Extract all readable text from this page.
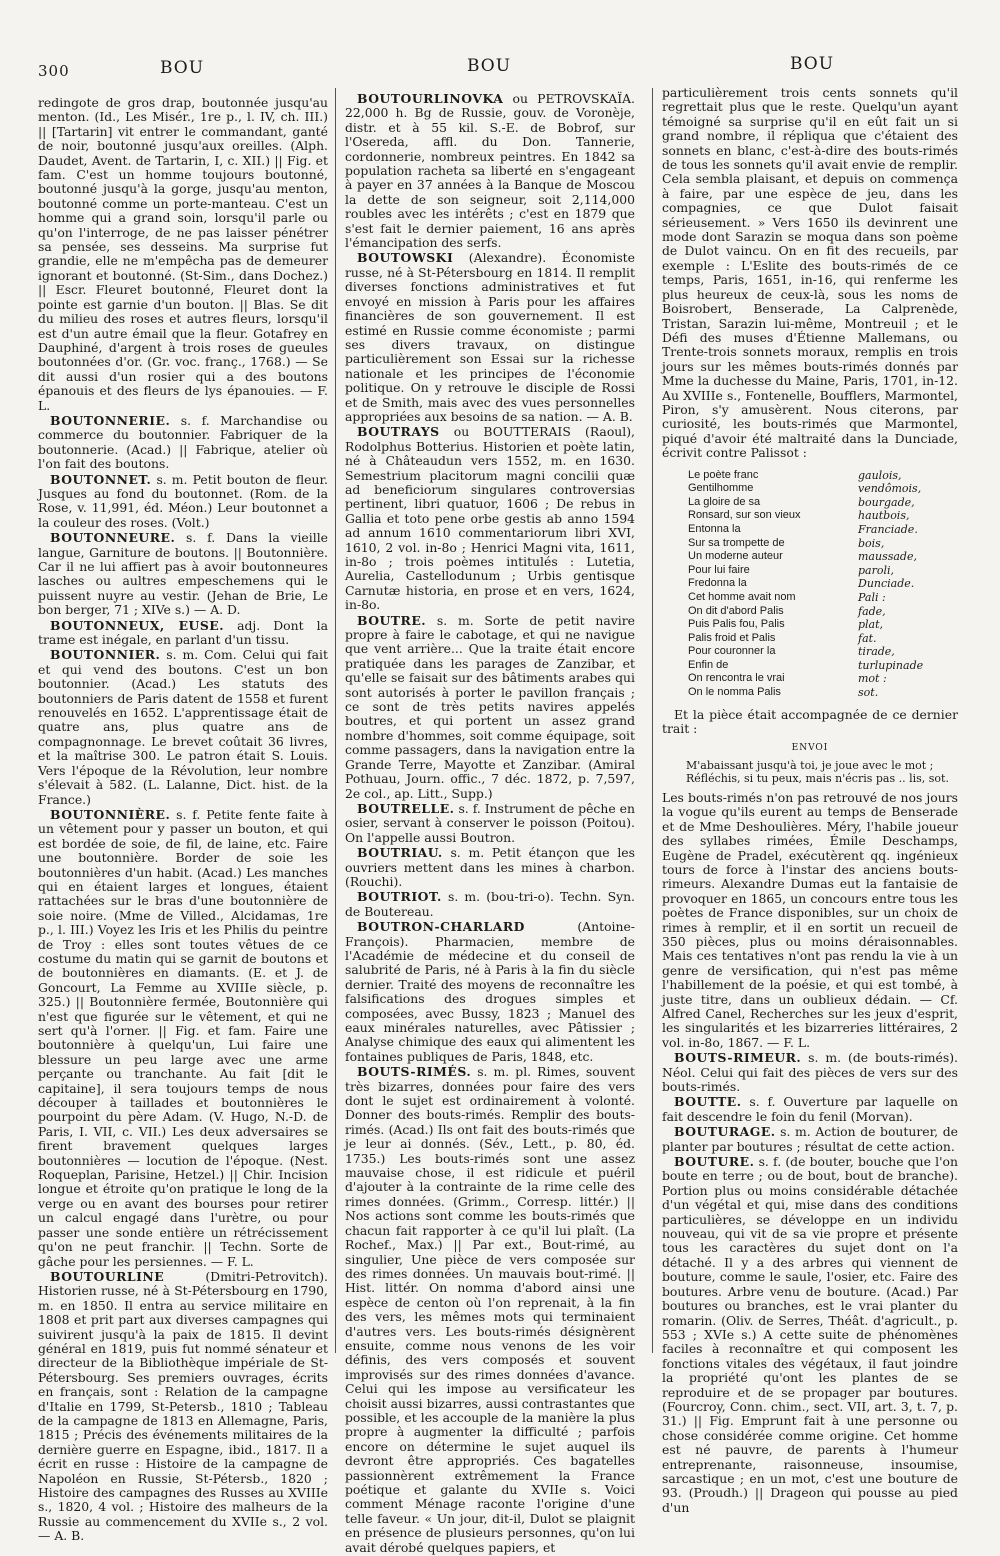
300	BOU	BOU	BOU

redingote de gros drap, boutonnée jusqu'au menton. (Id., Les Misér., 1re p., l. IV, ch. III.) || [Tartarin] vit entrer le commandant, ganté de noir, boutonné jusqu'aux oreilles. (Alph. Daudet, Avent. de Tartarin, I, c. XII.) || Fig. et fam. C'est un homme toujours boutonné, boutonné jusqu'à la gorge, jusqu'au menton, boutonné comme un porte-manteau. C'est un homme qui a grand soin, lorsqu'il parle ou qu'on l'interroge, de ne pas laisser pénétrer sa pensée, ses desseins. Ma surprise fut grandie, elle ne m'empêcha pas de demeurer ignorant et boutonné. (St-Sim., dans Dochez.) || Escr. Fleuret boutonné, Fleuret dont la pointe est garnie d'un bouton. || Blas. Se dit du milieu des roses et autres fleurs, lorsqu'il est d'un autre émail que la fleur. Gotafrey en Dauphiné, d'argent à trois roses de gueules boutonnées d'or. (Gr. voc. franç., 1768.) — Se dit aussi d'un rosier qui a des boutons épanouis et des fleurs de lys épanouies. — F. L.

BOUTONNERIE. s. f. Marchandise ou commerce du boutonnier. Fabriquer de la boutonnerie. (Acad.) || Fabrique, atelier où l'on fait des boutons.

BOUTONNET. s. m. Petit bouton de fleur. Jusques au fond du boutonnet. (Rom. de la Rose, v. 11,991, éd. Méon.) Leur boutonnet a la couleur des roses. (Volt.)

BOUTONNEURE. s. f. Dans la vieille langue, Garniture de boutons. || Boutonnière. Car il ne lui affiert pas à avoir boutonneures lasches ou aultres empeschemens qui le puissent nuyre au vestir. (Jehan de Brie, Le bon berger, 71 ; XIVe s.) — A. D.

BOUTONNEUX, EUSE. adj. Dont la trame est inégale, en parlant d'un tissu.

BOUTONNIER. s. m. Com. Celui qui fait et qui vend des boutons. C'est un bon boutonnier. (Acad.) Les statuts des boutonniers de Paris datent de 1558 et furent renouvelés en 1652. L'apprentissage était de quatre ans, plus quatre ans de compagnonnage. Le brevet coûtait 36 livres, et la maîtrise 300. Le patron était S. Louis. Vers l'époque de la Révolution, leur nombre s'élevait à 582. (L. Lalanne, Dict. hist. de la France.)

BOUTONNIÈRE. s. f. Petite fente faite à un vêtement pour y passer un bouton, et qui est bordée de soie, de fil, de laine, etc. Faire une boutonnière. Border de soie les boutonnières d'un habit. (Acad.) Les manches qui en étaient larges et longues, étaient rattachées sur le bras d'une boutonnière de soie noire. (Mme de Villed., Alcidamas, 1re p., l. III.) Voyez les Iris et les Philis du peintre de Troy : elles sont toutes vêtues de ce costume du matin qui se garnit de boutons et de boutonnières en diamants. (E. et J. de Goncourt, La Femme au XVIIIe siècle, p. 325.) || Boutonnière fermée, Boutonnière qui n'est que figurée sur le vêtement, et qui ne sert qu'à l'orner. || Fig. et fam. Faire une boutonnière à quelqu'un, Lui faire une blessure un peu large avec une arme perçante ou tranchante. Au fait [dit le capitaine], il sera toujours temps de nous découper à taillades et boutonnières le pourpoint du père Adam. (V. Hugo, N.-D. de Paris, I. VII, c. VII.) Les deux adversaires se firent bravement quelques larges boutonnières — locution de l'époque. (Nest. Roqueplan, Parisine, Hetzel.) || Chir. Incision longue et étroite qu'on pratique le long de la verge ou en avant des bourses pour retirer un calcul engagé dans l'urètre, ou pour passer une sonde entière un rétrécissement qu'on ne peut franchir. || Techn. Sorte de gâche pour les persiennes. — F. L.

BOUTOURLINE	(Dmitri-Petrovitch). Historien russe, né à St-Pétersbourg en 1790, m. en 1850. Il entra au service militaire en 1808 et prit part aux diverses campagnes qui suivirent jusqu'à la paix de 1815. Il devint général en 1819, puis fut nommé sénateur et directeur de la Bibliothèque impériale de St-Pétersbourg. Ses premiers ouvrages, écrits en français, sont : Relation de la campagne d'Italie en 1799, St-Petersb., 1810 ; Tableau de la campagne de 1813 en Allemagne, Paris, 1815 ; Précis des événements militaires de la dernière guerre en Espagne, ibid., 1817. Il a écrit en russe : Histoire de la campagne de Napoléon en Russie, St-Pétersb., 1820 ; Histoire des campagnes des Russes au XVIIIe s., 1820, 4 vol. ; Histoire des malheurs de la Russie au commencement du XVIIe s., 2 vol. — A. B.

BOUTOURLINOVKA ou PETROVSKAÏA. 22,000 h. Bg de Russie, gouv. de Voronèje, distr. et à 55 kil. S.-E. de Bobrof, sur l'Osereda, affl. du Don. Tannerie, cordonnerie, nombreux peintres. En 1842 sa population racheta sa liberté en s'engageant à payer en 37 années à la Banque de Moscou la dette de son seigneur, soit 2,114,000 roubles avec les intérêts ; c'est en 1879 que s'est fait le dernier paiement, 16 ans après l'émancipation des serfs.

BOUTOWSKI (Alexandre). Économiste russe, né à St-Pétersbourg en 1814. Il remplit diverses fonctions administratives et fut envoyé en mission à Paris pour les affaires financières de son gouvernement. Il est estimé en Russie comme économiste ; parmi ses divers travaux, on distingue particulièrement son Essai sur la richesse nationale et les principes de l'économie politique. On y retrouve le disciple de Rossi et de Smith, mais avec des vues personnelles appropriées aux besoins de sa nation. — A. B.

BOUTRAYS ou BOUTTERAIS (Raoul), Rodolphus Botterius. Historien et poète latin, né à Châteaudun vers 1552, m. en 1630. Semestrium placitorum magni concilii quæ ad beneficiorum singulares controversias pertinent, libri quatuor, 1606 ; De rebus in Gallia et toto pene orbe gestis ab anno 1594 ad annum 1610 commentariorum libri XVI, 1610, 2 vol. in-8o ; Henrici Magni vita, 1611, in-8o ; trois poèmes intitulés : Lutetia, Aurelia, Castellodunum ; Urbis gentisque Carnutæ historia, en prose et en vers, 1624, in-8o.

BOUTRE. s. m. Sorte de petit navire propre à faire le cabotage, et qui ne navigue que vent arrière... Que la traite était encore pratiquée dans les parages de Zanzibar, et qu'elle se faisait sur des bâtiments arabes qui sont autorisés à porter le pavillon français ; ce sont de très petits navires appelés boutres, et qui portent un assez grand nombre d'hommes, soit comme équipage, soit comme passagers, dans la navigation entre la Grande Terre, Mayotte et Zanzibar. (Amiral Pothuau, Journ. offic., 7 déc. 1872, p. 7,597, 2e col., ap. Litt., Supp.)

BOUTRELLE. s. f. Instrument de pêche en osier, servant à conserver le poisson (Poitou). On l'appelle aussi Boutron.

BOUTRIAU. s. m. Petit étançon que les ouvriers mettent dans les mines à charbon. (Rouchi).

BOUTRIOT. s. m. (bou-tri-o). Techn. Syn. de Boutereau.

BOUTRON-CHARLARD	(Antoine-François). Pharmacien, membre de l'Académie de médecine et du conseil de salubrité de Paris, né à Paris à la fin du siècle dernier. Traité des moyens de reconnaître les falsifications des drogues simples et composées, avec Bussy, 1823 ; Manuel des eaux minérales naturelles, avec Pâtissier ; Analyse chimique des eaux qui alimentent les fontaines publiques de Paris, 1848, etc.

BOUTS-RIMÉS. s. m. pl. Rimes, souvent très bizarres, données pour faire des vers dont le sujet est ordinairement à volonté. Donner des bouts-rimés. Remplir des bouts-rimés. (Acad.) Ils ont fait des bouts-rimés que je leur ai donnés. (Sév., Lett., p. 80, éd. 1735.) Les bouts-rimés sont une assez mauvaise chose, il est ridicule et puéril d'ajouter à la contrainte de la rime celle des rimes données. (Grimm., Corresp. littér.) || Nos actions sont comme les bouts-rimés que chacun fait rapporter à ce qu'il lui plaît. (La Rochef., Max.) || Par ext., Bout-rimé, au singulier, Une pièce de vers composée sur des rimes données. Un mauvais bout-rimé. || Hist. littér. On nomma d'abord ainsi une espèce de centon où l'on reprenait, à la fin des vers, les mêmes mots qui terminaient d'autres vers. Les bouts-rimés désignèrent ensuite, comme nous venons de les voir définis, des vers composés et souvent improvisés sur des rimes données d'avance. Celui qui les impose au versificateur les choisit aussi bizarres, aussi contrastantes que possible, et les accouple de la manière la plus propre à augmenter la difficulté ; parfois encore on détermine le sujet auquel ils devront être appropriés. Ces bagatelles passionnèrent extrêmement la France poétique et galante du XVIIe s. Voici comment Ménage raconte l'origine d'une telle faveur. « Un jour, dit-il, Dulot se plaignit en présence de plusieurs personnes, qu'on lui avait dérobé quelques papiers, et

particulièrement trois cents sonnets qu'il regrettait plus que le reste. Quelqu'un ayant témoigné sa surprise qu'il en eût fait un si grand nombre, il répliqua que c'étaient des sonnets en blanc, c'est-à-dire des bouts-rimés de tous les sonnets qu'il avait envie de remplir. Cela sembla plaisant, et depuis on commença à faire, par une espèce de jeu, dans les compagnies, ce que Dulot faisait sérieusement. » Vers 1650 ils devinrent une mode dont Sarazin se moqua dans son poème de Dulot vaincu. On en fit des recueils, par exemple : L'Eslite des bouts-rimés de ce temps, Paris, 1651, in-16, qui renferme les plus heureux de ceux-là, sous les noms de Boisrobert, Benserade, La Calprenède, Tristan, Sarazin lui-même, Montreuil ; et le Défi des muses d'Étienne Mallemans, ou Trente-trois sonnets moraux, remplis en trois jours sur les mêmes bouts-rimés donnés par Mme la duchesse du Maine, Paris, 1701, in-12. Au XVIIIe s., Fontenelle, Boufflers, Marmontel, Piron, s'y amusèrent. Nous citerons, par curiosité, les bouts-rimés que Marmontel, piqué d'avoir été maltraité dans la Dunciade, écrivit contre Palissot :

Le poète franc	gaulois,
Gentilhomme	vendômois,
La gloire de sa	bourgade,
Ronsard, sur son vieux	hautbois,
Entonna la	Franciade.
Sur sa trompette de	bois,
Un moderne auteur	maussade,
Pour lui faire	paroli,
Fredonna la	Dunciade.
Cet homme avait nom	Pali :
On dit d'abord Palis	fade,
Puis Palis fou, Palis	plat,
Palis froid et Palis	fat.
Pour couronner la	tirade,
Enfin de	turlupinade
On rencontra le vrai	mot :
On le nomma Palis	sot.

Et la pièce était accompagnée de ce dernier trait :

ENVOI
M'abaissant jusqu'à toi, je joue avec le mot ;
Réfléchis, si tu peux, mais n'écris pas .. lis, sot.

Les bouts-rimés n'on pas retrouvé de nos jours la vogue qu'ils eurent au temps de Benserade et de Mme Deshoulières. Méry, l'habile joueur des syllabes rimées, Émile Deschamps, Eugène de Pradel, exécutèrent qq. ingénieux tours de force à l'instar des anciens bouts-rimeurs. Alexandre Dumas eut la fantaisie de provoquer en 1865, un concours entre tous les poètes de France disponibles, sur un choix de rimes à remplir, et il en sortit un recueil de 350 pièces, plus ou moins déraisonnables. Mais ces tentatives n'ont pas rendu la vie à un genre de versification, qui n'est pas même l'habillement de la poésie, et qui est tombé, à juste titre, dans un oublieux dédain. — Cf. Alfred Canel, Recherches sur les jeux d'esprit, les singularités et les bizarreries littéraires, 2 vol. in-8o, 1867. — F. L.

BOUTS-RIMEUR. s. m. (de bouts-rimés). Néol. Celui qui fait des pièces de vers sur des bouts-rimés.

BOUTTE. s. f. Ouverture par laquelle on fait descendre le foin du fenil (Morvan).

BOUTURAGE. s. m. Action de bouturer, de planter par boutures ; résultat de cette action.

BOUTURE. s. f. (de bouter, bouche que l'on boute en terre ; ou de bout, bout de branche). Portion plus ou moins considérable détachée d'un végétal et qui, mise dans des conditions particulières, se développe en un individu nouveau, qui vit de sa vie propre et présente tous les caractères du sujet dont on l'a détaché. Il y a des arbres qui viennent de bouture, comme le saule, l'osier, etc. Faire des boutures. Arbre venu de bouture. (Acad.) Par boutures ou branches, est le vrai planter du romarin. (Oliv. de Serres, Théât. d'agricult., p. 553 ; XVIe s.) A cette suite de phénomènes faciles à reconnaître et qui composent les fonctions vitales des végétaux, il faut joindre la propriété qu'ont les plantes de se reproduire et de se propager par boutures. (Fourcroy, Conn. chim., sect. VII, art. 3, t. 7, p. 31.) || Fig. Emprunt fait à une personne ou chose considérée comme origine. Cet homme est né pauvre, de parents à l'humeur entreprenante, raisonneuse, insoumise, sarcastique ; en un mot, c'est une bouture de 93. (Proudh.) || Drageon qui pousse au pied d'un
